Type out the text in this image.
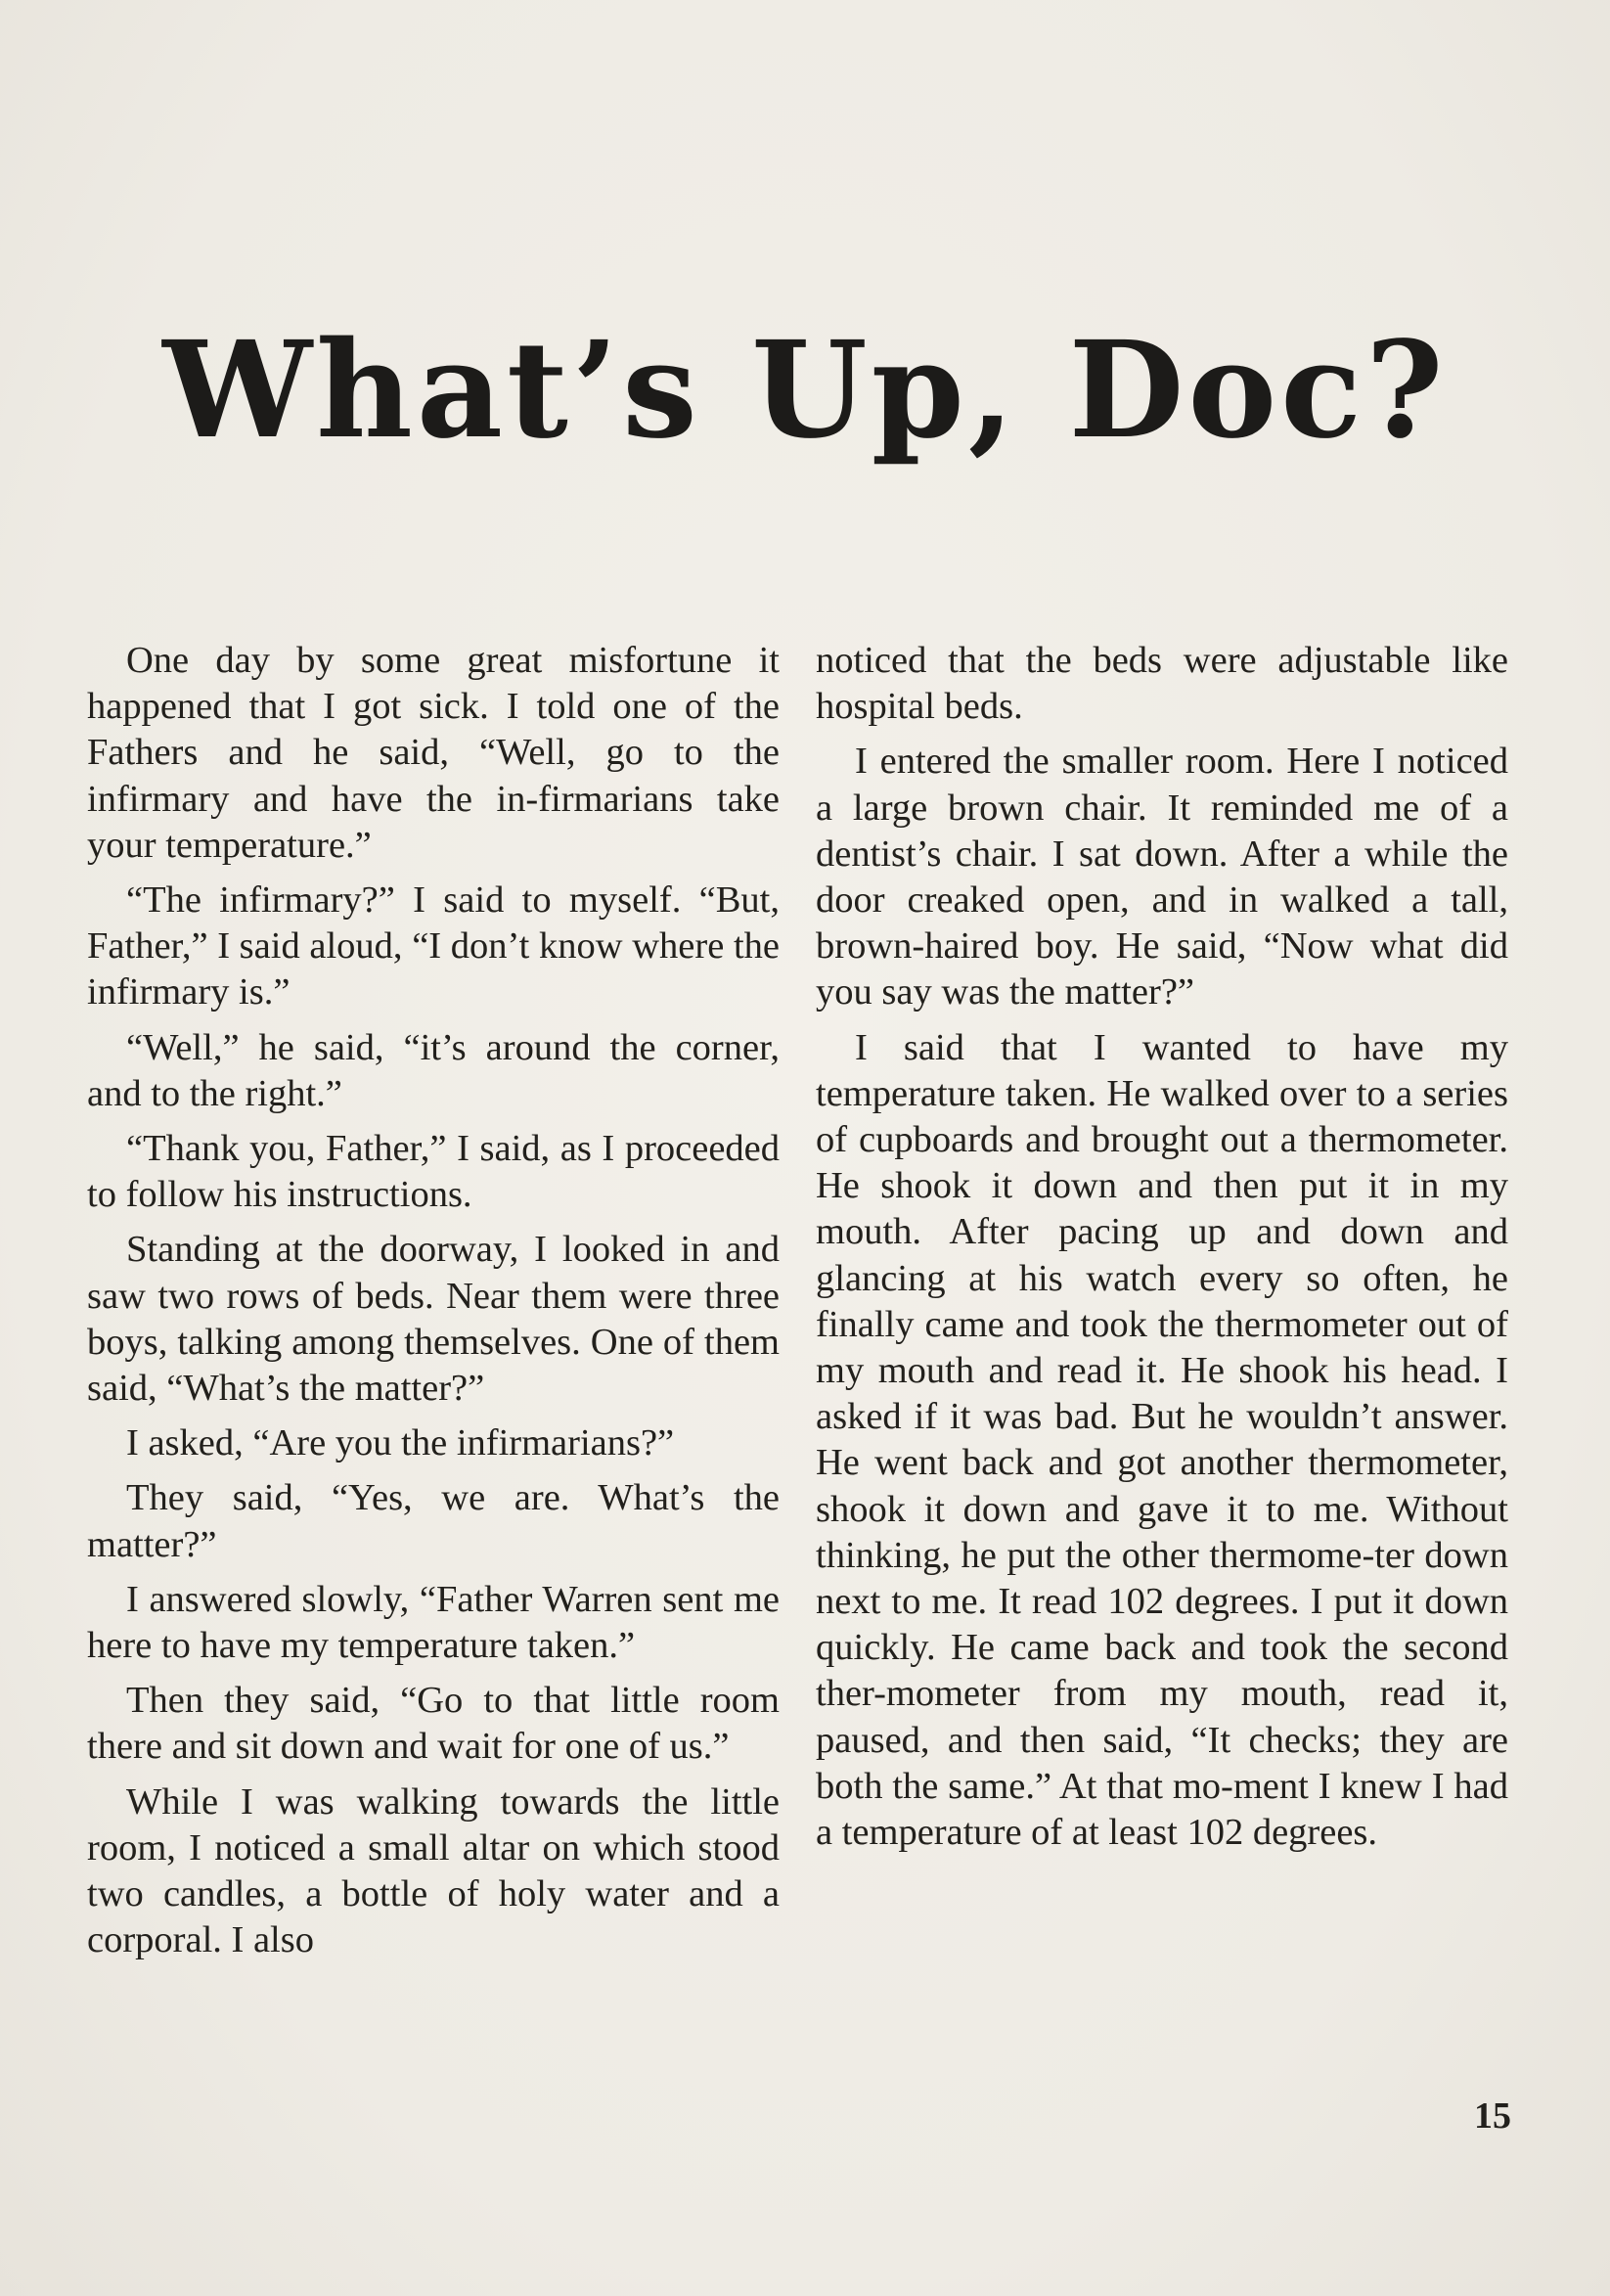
What’s Up, Doc?

One day by some great misfortune it happened that I got sick. I told one of the Fathers and he said, “Well, go to the infirmary and have the in-firmarians take your temperature.”

“The infirmary?” I said to myself. “But, Father,” I said aloud, “I don’t know where the infirmary is.”

“Well,” he said, “it’s around the corner, and to the right.”

“Thank you, Father,” I said, as I proceeded to follow his instructions.

Standing at the doorway, I looked in and saw two rows of beds. Near them were three boys, talking among themselves. One of them said, “What’s the matter?”

I asked, “Are you the infirmarians?”

They said, “Yes, we are. What’s the matter?”

I answered slowly, “Father Warren sent me here to have my temperature taken.”

Then they said, “Go to that little room there and sit down and wait for one of us.”

While I was walking towards the little room, I noticed a small altar on which stood two candles, a bottle of holy water and a corporal. I also

noticed that the beds were adjustable like hospital beds.

I entered the smaller room. Here I noticed a large brown chair. It reminded me of a dentist’s chair. I sat down. After a while the door creaked open, and in walked a tall, brown-haired boy. He said, “Now what did you say was the matter?”

I said that I wanted to have my temperature taken. He walked over to a series of cupboards and brought out a thermometer. He shook it down and then put it in my mouth. After pacing up and down and glancing at his watch every so often, he finally came and took the thermometer out of my mouth and read it. He shook his head. I asked if it was bad. But he wouldn’t answer. He went back and got another thermometer, shook it down and gave it to me. Without thinking, he put the other thermome-ter down next to me. It read 102 degrees. I put it down quickly. He came back and took the second ther-mometer from my mouth, read it, paused, and then said, “It checks; they are both the same.” At that mo-ment I knew I had a temperature of at least 102 degrees.

15
